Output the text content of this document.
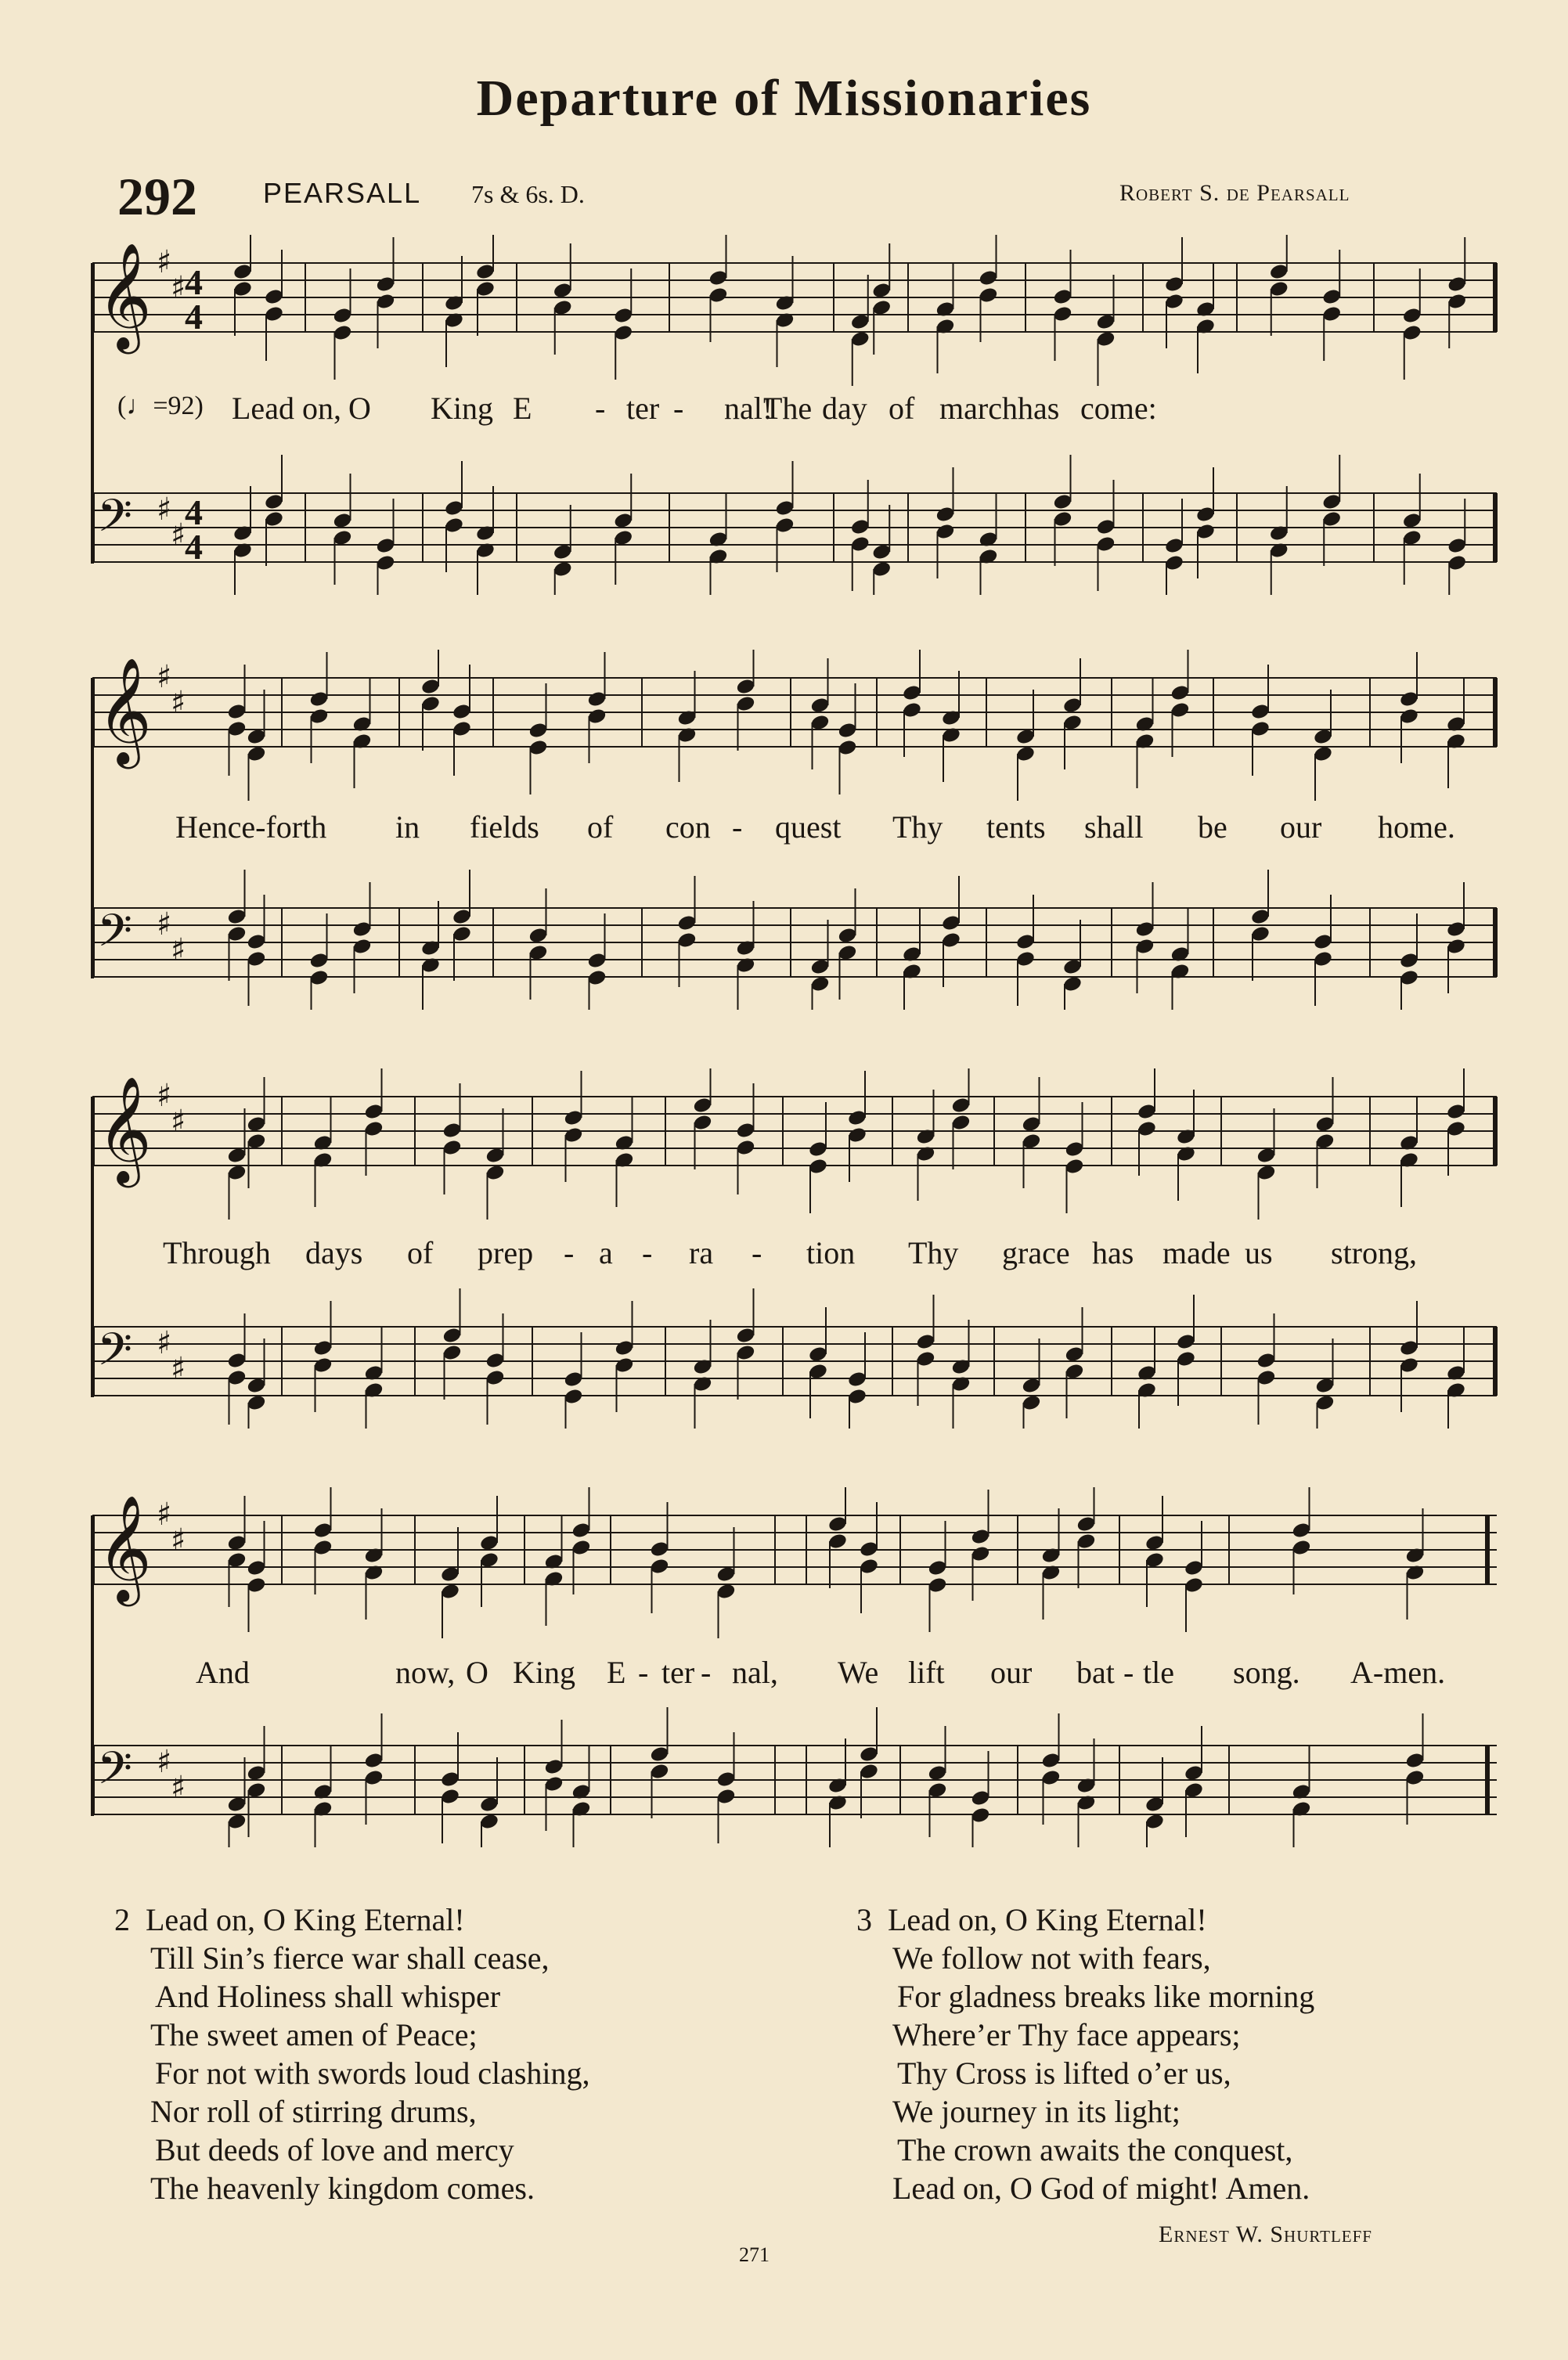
Departure of Missionaries
292 PEARSALL 7s & 6s. D.	Robert S. de Pearsall
𝄞 ♯
♯
4
4
𝄢 ♯
♯
4
4
𝄞 ♯
♯
𝄢 ♯
♯
𝄞 ♯
♯
𝄢 ♯
♯
𝄞 ♯
♯
𝄢 ♯
♯
(♩=92) Lead on, O King E - ter - nal!
The day of march has come:
Hence-forth in fields of con - quest Thy tents shall be our home.
Through days of prep - a - ra - tion Thy grace has made us strong,
And	now, O King E - ter - nal, We lift our bat - tle song. A-men.
2 Lead on, O King Eternal!
Till Sin’s fierce war shall cease,
And Holiness shall whisper
The sweet amen of Peace;
For not with swords loud clashing,
Nor roll of stirring drums,
But deeds of love and mercy
The heavenly kingdom comes.
3 Lead on, O King Eternal!
We follow not with fears,
For gladness breaks like morning
Where’er Thy face appears;
Thy Cross is lifted o’er us,
We journey in its light;
The crown awaits the conquest,
Lead on, O God of might! Amen.
Ernest W. Shurtleff
271
